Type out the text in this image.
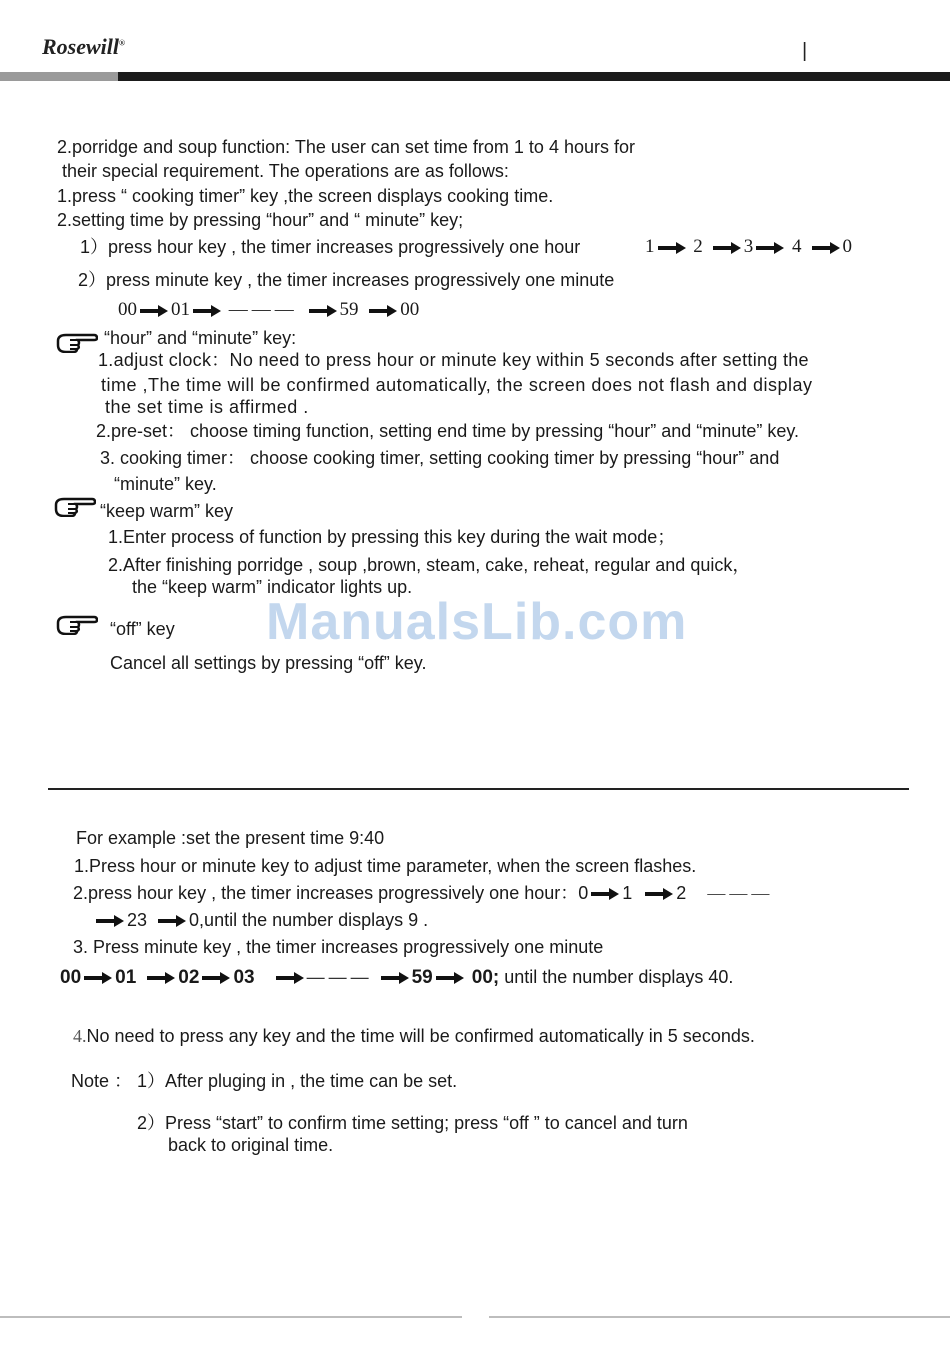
Rosewill®	|
2.porridge and soup function: The user can set time from 1 to 4 hours for
their special requirement. The operations are as follows:
1.press “ cooking timer” key ,the screen displays cooking time.
2.setting time by pressing “hour” and “ minute” key;
1）press hour key , the timer increases progressively one hour	1 2 3 4 0
2）press minute key , the timer increases progressively one minute
00 01 ——— 59 00
“hour” and “minute” key:
1.adjust clock：No need to press hour or minute key within 5 seconds after setting the
time ,The time will be confirmed automatically, the screen does not flash and display
the set time is affirmed .
2.pre-set： choose timing function, setting end time by pressing “hour” and “minute” key.
3. cooking timer： choose cooking timer, setting cooking timer by pressing “hour” and
“minute” key.
“keep warm” key
1.Enter process of function by pressing this key during the wait mode；
2.After finishing porridge , soup ,brown, steam, cake, reheat, regular and quick，
the “keep warm” indicator lights up.
“off” key
Cancel all settings by pressing “off” key.
ManualsLib.com
For example :set the present time 9:40
1.Press hour or minute key to adjust time parameter, when the screen flashes.
2.press hour key , the timer increases progressively one hour：0 1 2 ———
23 0,until the number displays 9 .
3. Press minute key , the timer increases progressively one minute
00 01 02 03	——— 59 00; until the number displays 40.
4.No need to press any key and the time will be confirmed automatically in 5 seconds.
Note ： 1）After pluging in , the time can be set.
2）Press “start” to confirm time setting; press “off ” to cancel and turn
back to original time.
